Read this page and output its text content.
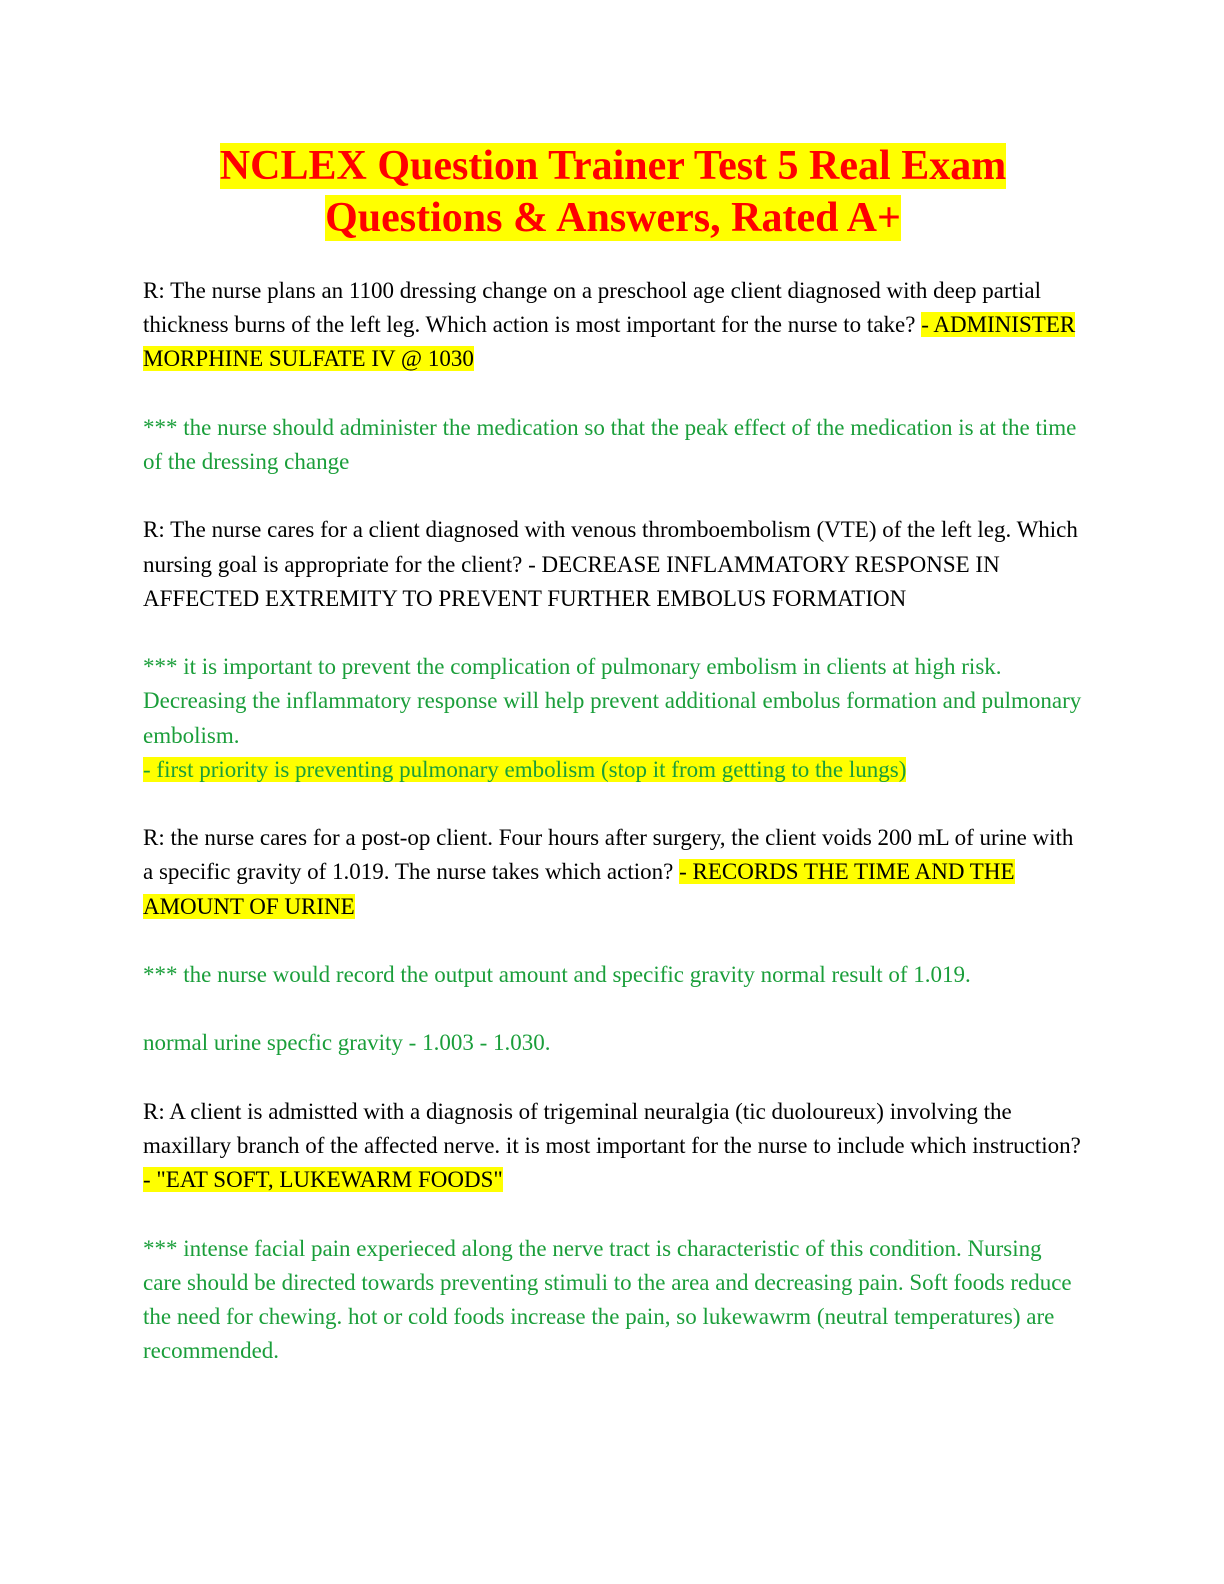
NCLEX Question Trainer Test 5 Real Exam
Questions & Answers, Rated A+

R: The nurse plans an 1100 dressing change on a preschool age client diagnosed with deep partial thickness burns of the left leg. Which action is most important for the nurse to take? - ADMINISTER MORPHINE SULFATE IV @ 1030

*** the nurse should administer the medication so that the peak effect of the medication is at the time of the dressing change

R: The nurse cares for a client diagnosed with venous thromboembolism (VTE) of the left leg. Which nursing goal is appropriate for the client? - DECREASE INFLAMMATORY RESPONSE IN AFFECTED EXTREMITY TO PREVENT FURTHER EMBOLUS FORMATION

*** it is important to prevent the complication of pulmonary embolism in clients at high risk. Decreasing the inflammatory response will help prevent additional embolus formation and pulmonary embolism.

- first priority is preventing pulmonary embolism (stop it from getting to the lungs)

R: the nurse cares for a post-op client. Four hours after surgery, the client voids 200 mL of urine with a specific gravity of 1.019. The nurse takes which action? - RECORDS THE TIME AND THE AMOUNT OF URINE

*** the nurse would record the output amount and specific gravity normal result of 1.019.

normal urine specfic gravity - 1.003 - 1.030.

R: A client is admistted with a diagnosis of trigeminal neuralgia (tic duoloureux) involving the maxillary branch of the affected nerve. it is most important for the nurse to include which instruction? - "EAT SOFT, LUKEWARM FOODS"

*** intense facial pain experieced along the nerve tract is characteristic of this condition. Nursing care should be directed towards preventing stimuli to the area and decreasing pain. Soft foods reduce the need for chewing. hot or cold foods increase the pain, so lukewawrm (neutral temperatures) are recommended.
